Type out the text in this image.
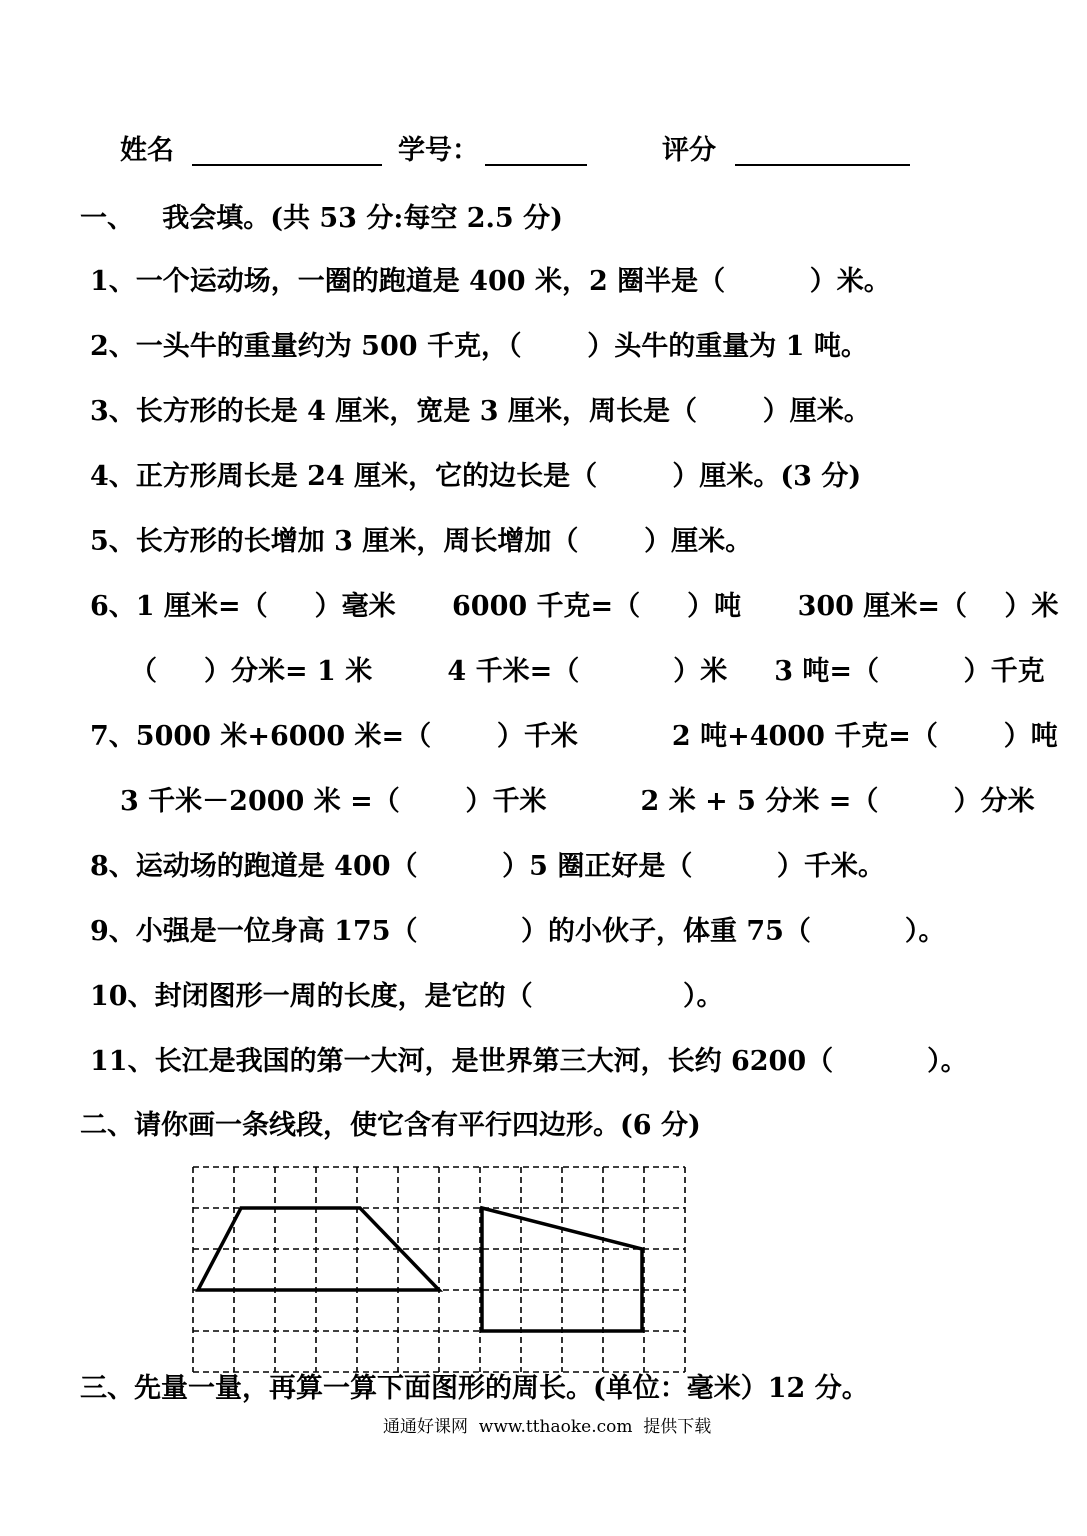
姓名	学号：	评分
一、   我会填。(共 53 分:每空 2.5 分)
1、一个运动场，一圈的跑道是 400 米，2 圈半是（         ）米。
2、一头牛的重量约为 500 千克，（       ）头牛的重量为 1 吨。
3、长方形的长是 4 厘米，宽是 3 厘米，周长是（       ）厘米。
4、正方形周长是 24 厘米，它的边长是（        ）厘米。(3 分)
5、长方形的长增加 3 厘米，周长增加（       ）厘米。
6、1 厘米=（     ）毫米      6000 千克=（     ）吨      300 厘米=（    ）米
（     ）分米= 1 米        4 千米=（          ）米     3 吨=（         ）千克
7、5000 米+6000 米=（       ）千米          2 吨+4000 千克=（       ）吨
3 千米－2000 米 =（       ）千米          2 米 + 5 分米 =（        ）分米
8、运动场的跑道是 400（         ）5 圈正好是（         ）千米。
9、小强是一位身高 175（           ）的小伙子，体重 75（          ）。
10、封闭图形一周的长度，是它的（                ）。
11、长江是我国的第一大河，是世界第三大河，长约 6200（          ）。
二、请你画一条线段，使它含有平行四边形。(6 分)
三、先量一量，再算一算下面图形的周长。(单位：毫米）12 分。
通通好课网  www.tthaoke.com  提供下载
